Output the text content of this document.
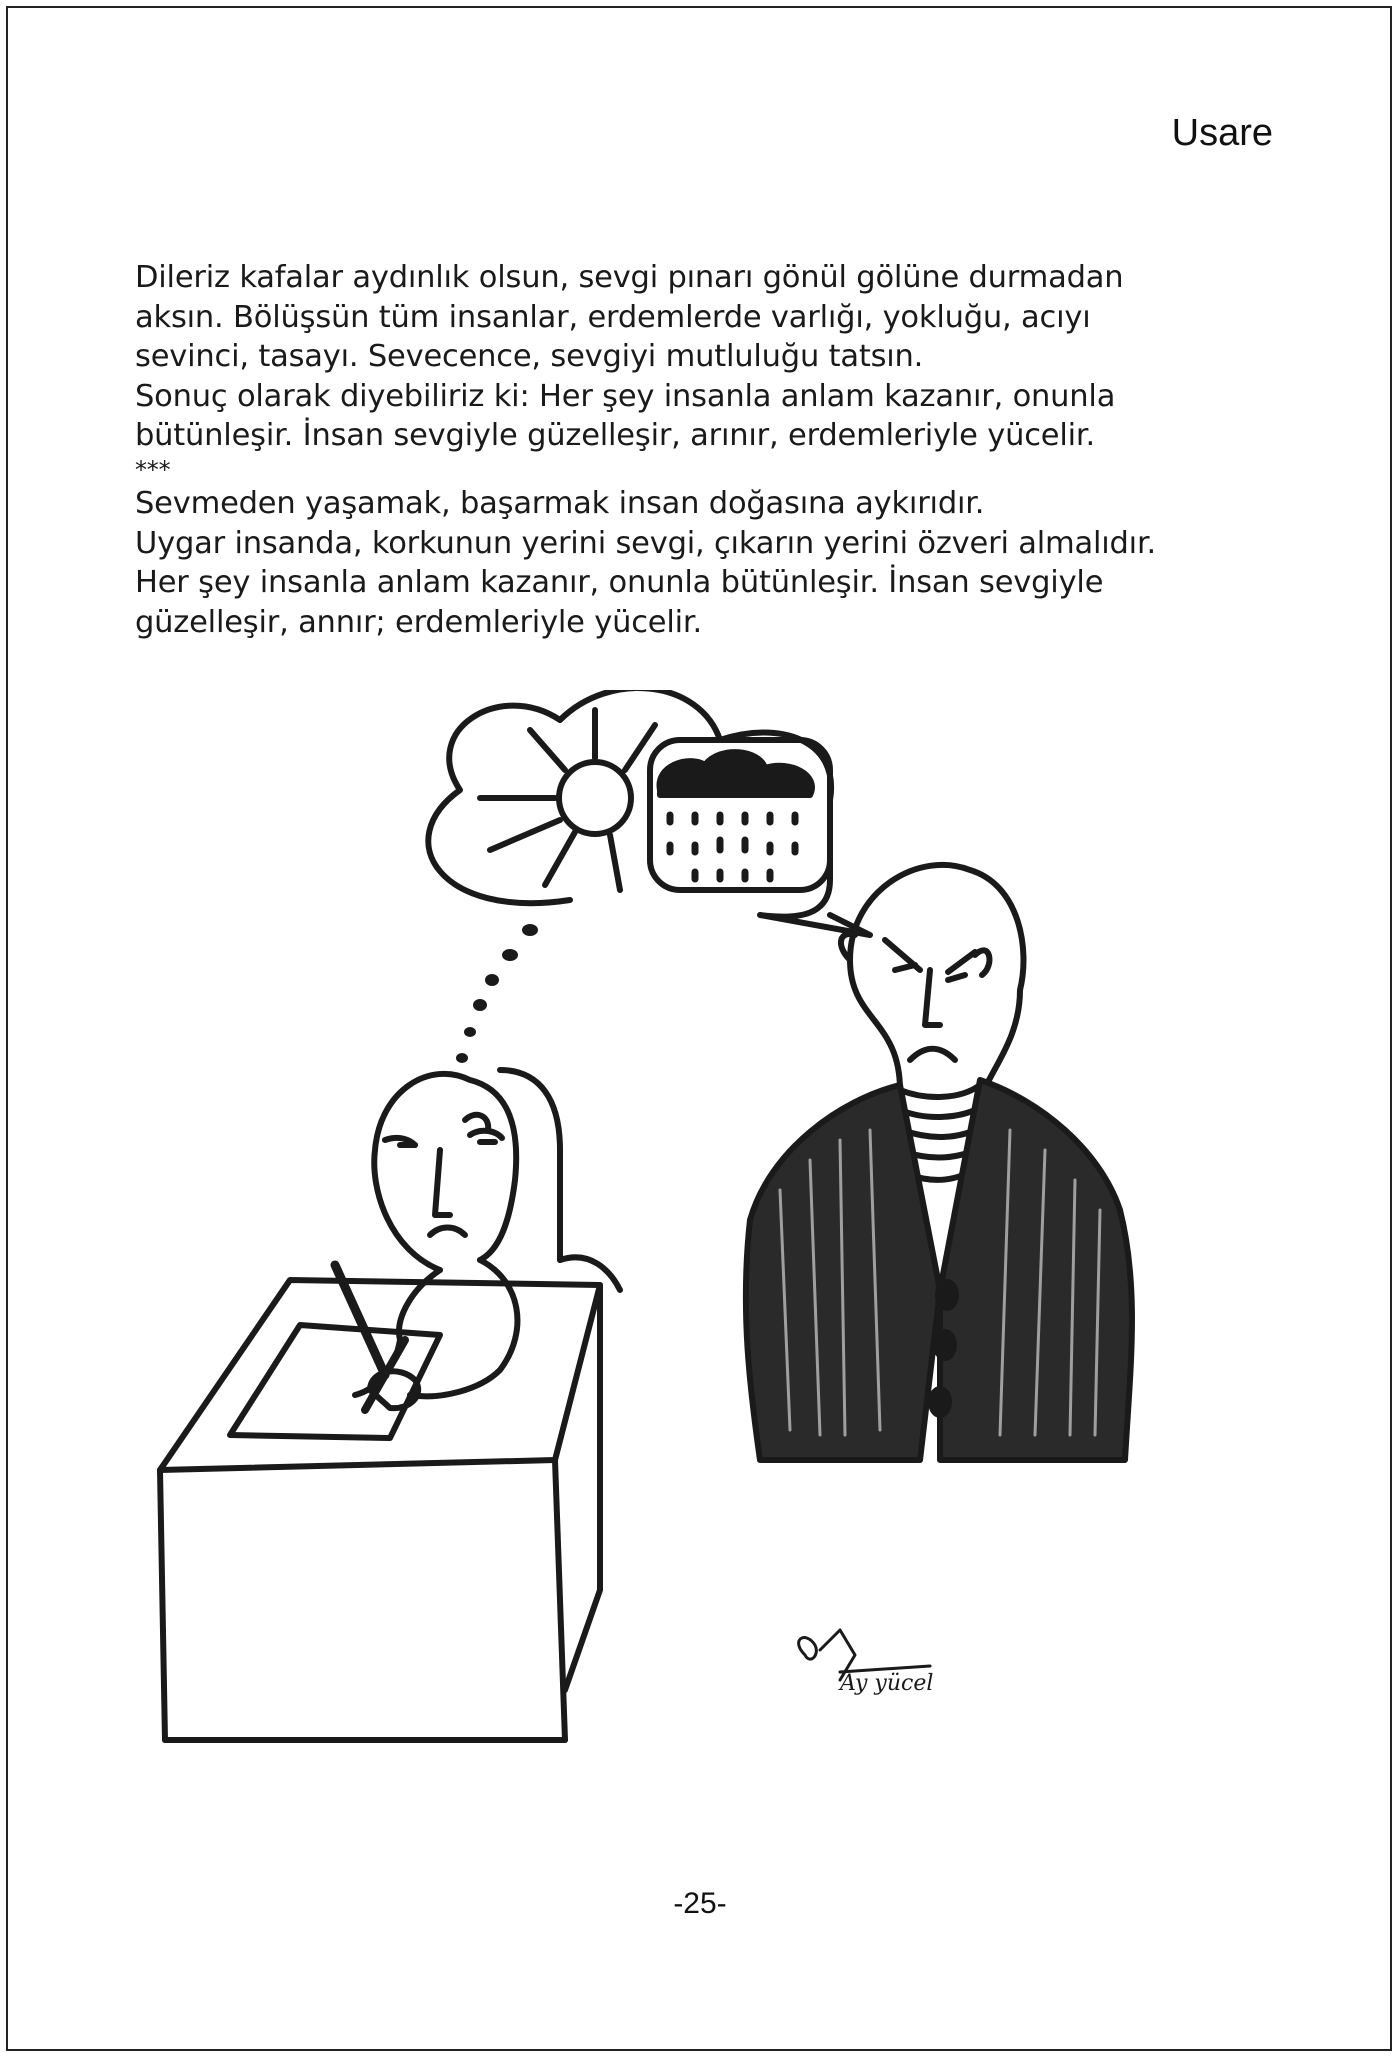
Usare
Dileriz kafalar aydınlık olsun, sevgi pınarı gönül gölüne durmadan
aksın. Bölüşsün tüm insanlar, erdemlerde varlığı, yokluğu, acıyı
sevinci, tasayı. Sevecence, sevgiyi mutluluğu tatsın.
Sonuç olarak diyebiliriz ki: Her şey insanla anlam kazanır, onunla
bütünleşir. İnsan sevgiyle güzelleşir, arınır, erdemleriyle yücelir.
***
Sevmeden yaşamak, başarmak insan doğasına aykırıdır.
Uygar insanda, korkunun yerini sevgi, çıkarın yerini özveri almalıdır.
Her şey insanla anlam kazanır, onunla bütünleşir. İnsan sevgiyle
güzelleşir, annır; erdemleriyle yücelir.
Ay yücel
-25-
